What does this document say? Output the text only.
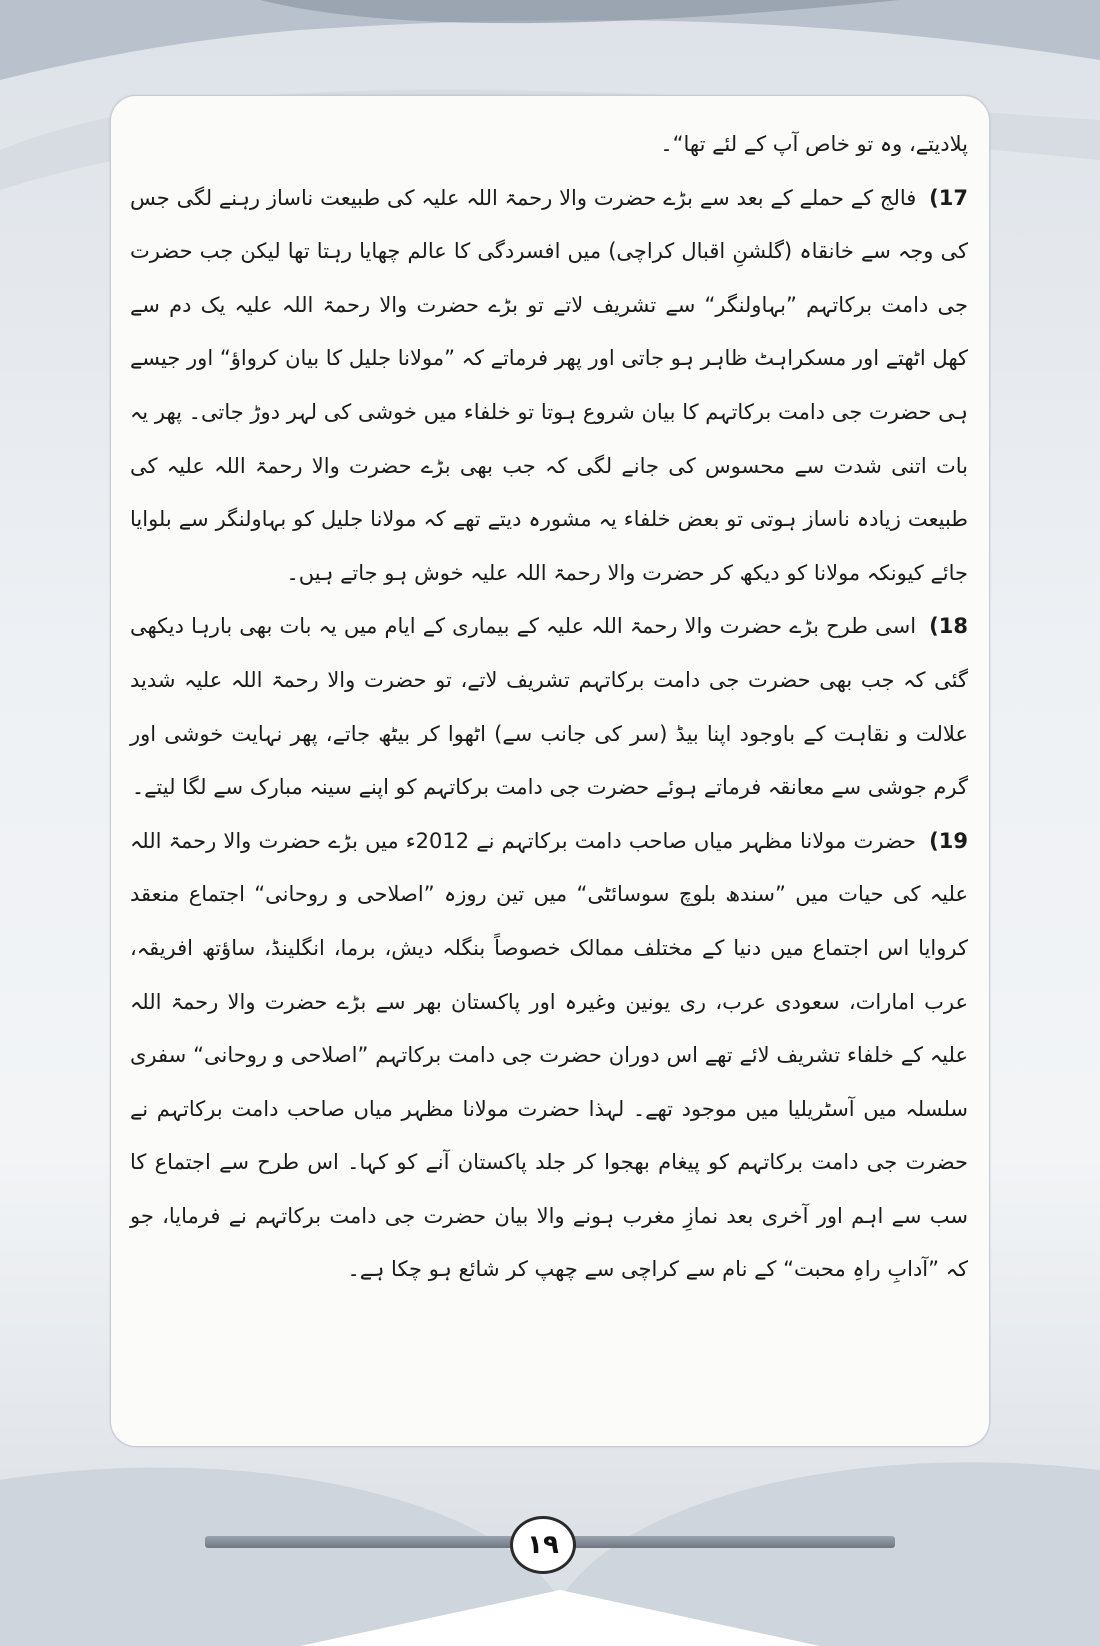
پلادیتے، وہ تو خاص آپ کے لئے تھا“۔

17) فالج کے حملے کے بعد سے بڑے حضرت والا رحمۃ اللہ علیہ کی طبیعت ناساز رہنے لگی جس کی وجہ سے خانقاہ (گلشنِ اقبال کراچی) میں افسردگی کا عالم چھایا رہتا تھا لیکن جب حضرت جی دامت برکاتہم ”بہاولنگر“ سے تشریف لاتے تو بڑے حضرت والا رحمۃ اللہ علیہ یک دم سے کھل اٹھتے اور مسکراہٹ ظاہر ہو جاتی اور پھر فرماتے کہ ”مولانا جلیل کا بیان کرواؤ“ اور جیسے ہی حضرت جی دامت برکاتہم کا بیان شروع ہوتا تو خلفاء میں خوشی کی لہر دوڑ جاتی۔ پھر یہ بات اتنی شدت سے محسوس کی جانے لگی کہ جب بھی بڑے حضرت والا رحمۃ اللہ علیہ کی طبیعت زیادہ ناساز ہوتی تو بعض خلفاء یہ مشورہ دیتے تھے کہ مولانا جلیل کو بہاولنگر سے بلوایا جائے کیونکہ مولانا کو دیکھ کر حضرت والا رحمۃ اللہ علیہ خوش ہو جاتے ہیں۔

18) اسی طرح بڑے حضرت والا رحمۃ اللہ علیہ کے بیماری کے ایام میں یہ بات بھی بارہا دیکھی گئی کہ جب بھی حضرت جی دامت برکاتہم تشریف لاتے، تو حضرت والا رحمۃ اللہ علیہ شدید علالت و نقاہت کے باوجود اپنا بیڈ (سر کی جانب سے) اٹھوا کر بیٹھ جاتے، پھر نہایت خوشی اور گرم جوشی سے معانقہ فرماتے ہوئے حضرت جی دامت برکاتہم کو اپنے سینہ مبارک سے لگا لیتے۔

19) حضرت مولانا مظہر میاں صاحب دامت برکاتہم نے 2012ء میں بڑے حضرت والا رحمۃ اللہ علیہ کی حیات میں ”سندھ بلوچ سوسائٹی“ میں تین روزہ ”اصلاحی و روحانی“ اجتماع منعقد کروایا اس اجتماع میں دنیا کے مختلف ممالک خصوصاً بنگلہ دیش، برما، انگلینڈ، ساؤتھ افریقہ، عرب امارات، سعودی عرب، ری یونین وغیرہ اور پاکستان بھر سے بڑے حضرت والا رحمۃ اللہ علیہ کے خلفاء تشریف لائے تھے اس دوران حضرت جی دامت برکاتہم ”اصلاحی و روحانی“ سفری سلسلہ میں آسٹریلیا میں موجود تھے۔ لہذا حضرت مولانا مظہر میاں صاحب دامت برکاتہم نے حضرت جی دامت برکاتہم کو پیغام بھجوا کر جلد پاکستان آنے کو کہا۔ اس طرح سے اجتماع کا سب سے اہم اور آخری بعد نمازِ مغرب ہونے والا بیان حضرت جی دامت برکاتہم نے فرمایا، جو کہ ”آدابِ راہِ محبت“ کے نام سے کراچی سے چھپ کر شائع ہو چکا ہے۔

١٩
